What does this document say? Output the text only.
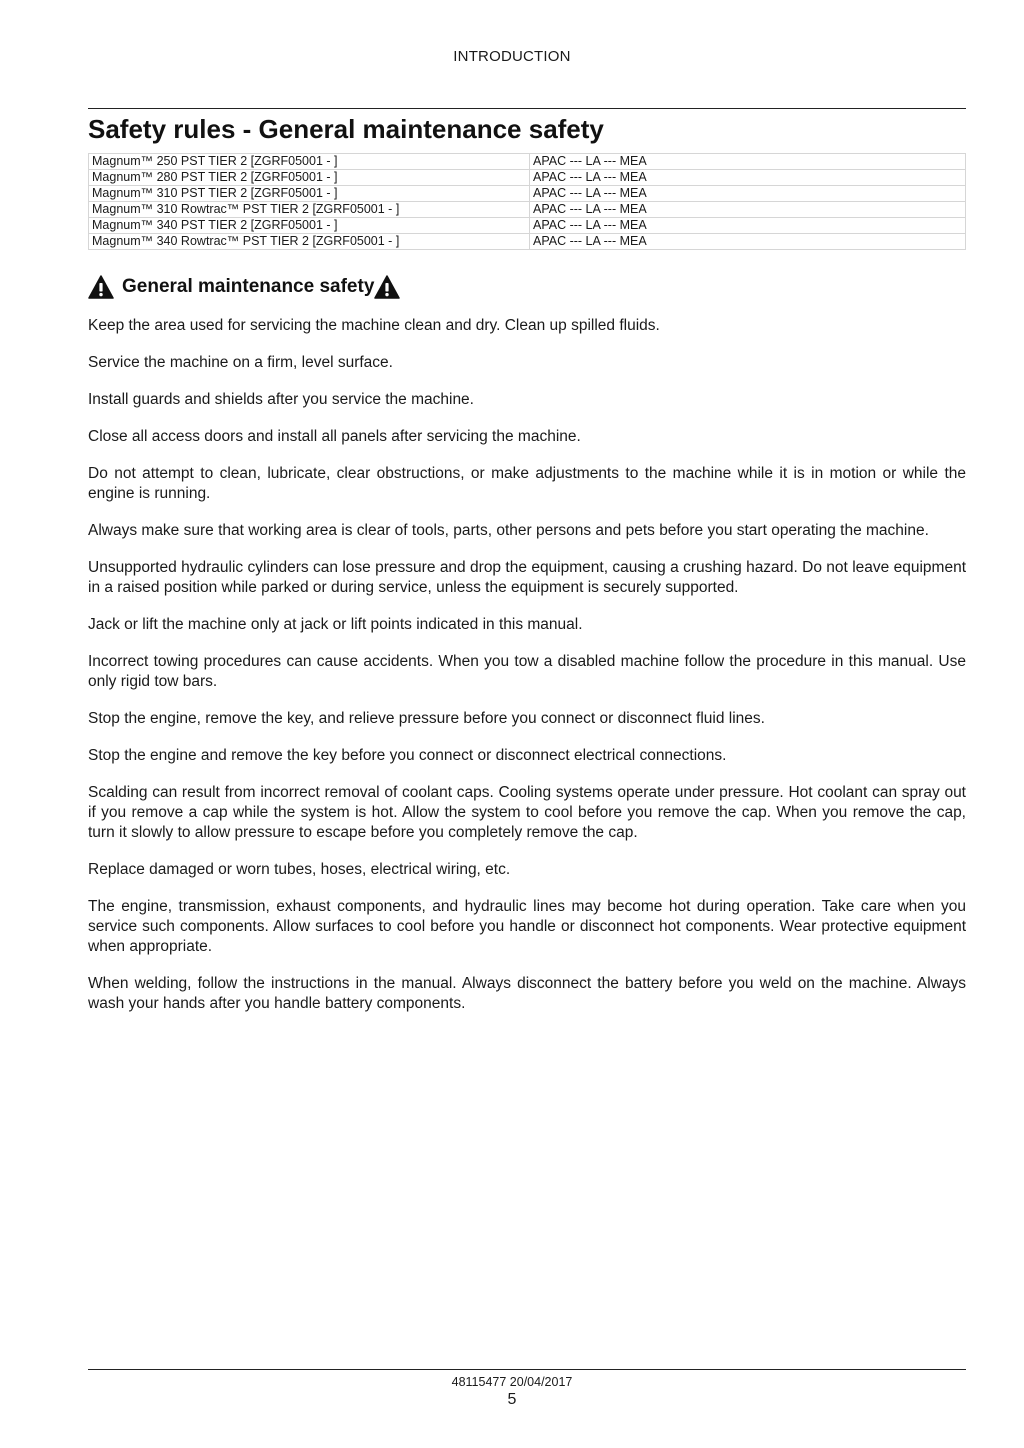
INTRODUCTION
Safety rules - General maintenance safety
Magnum™ 250 PST TIER 2 [ZGRF05001 - ]	APAC --- LA --- MEA
Magnum™ 280 PST TIER 2 [ZGRF05001 - ]	APAC --- LA --- MEA
Magnum™ 310 PST TIER 2 [ZGRF05001 - ]	APAC --- LA --- MEA
Magnum™ 310 Rowtrac™ PST TIER 2 [ZGRF05001 - ]	APAC --- LA --- MEA
Magnum™ 340 PST TIER 2 [ZGRF05001 - ]	APAC --- LA --- MEA
Magnum™ 340 Rowtrac™ PST TIER 2 [ZGRF05001 - ]	APAC --- LA --- MEA
General maintenance safety

Keep the area used for servicing the machine clean and dry. Clean up spilled fluids.

Service the machine on a firm, level surface.

Install guards and shields after you service the machine.

Close all access doors and install all panels after servicing the machine.

Do not attempt to clean, lubricate, clear obstructions, or make adjustments to the machine while it is in motion or while the engine is running.

Always make sure that working area is clear of tools, parts, other persons and pets before you start operating the machine.

Unsupported hydraulic cylinders can lose pressure and drop the equipment, causing a crushing hazard. Do not leave equipment in a raised position while parked or during service, unless the equipment is securely supported.

Jack or lift the machine only at jack or lift points indicated in this manual.

Incorrect towing procedures can cause accidents. When you tow a disabled machine follow the procedure in this manual. Use only rigid tow bars.

Stop the engine, remove the key, and relieve pressure before you connect or disconnect fluid lines.

Stop the engine and remove the key before you connect or disconnect electrical connections.

Scalding can result from incorrect removal of coolant caps. Cooling systems operate under pressure. Hot coolant can spray out if you remove a cap while the system is hot. Allow the system to cool before you remove the cap. When you remove the cap, turn it slowly to allow pressure to escape before you completely remove the cap.

Replace damaged or worn tubes, hoses, electrical wiring, etc.

The engine, transmission, exhaust components, and hydraulic lines may become hot during operation. Take care when you service such components. Allow surfaces to cool before you handle or disconnect hot components. Wear protective equipment when appropriate.

When welding, follow the instructions in the manual. Always disconnect the battery before you weld on the machine. Always wash your hands after you handle battery components.

48115477 20/04/2017
5
